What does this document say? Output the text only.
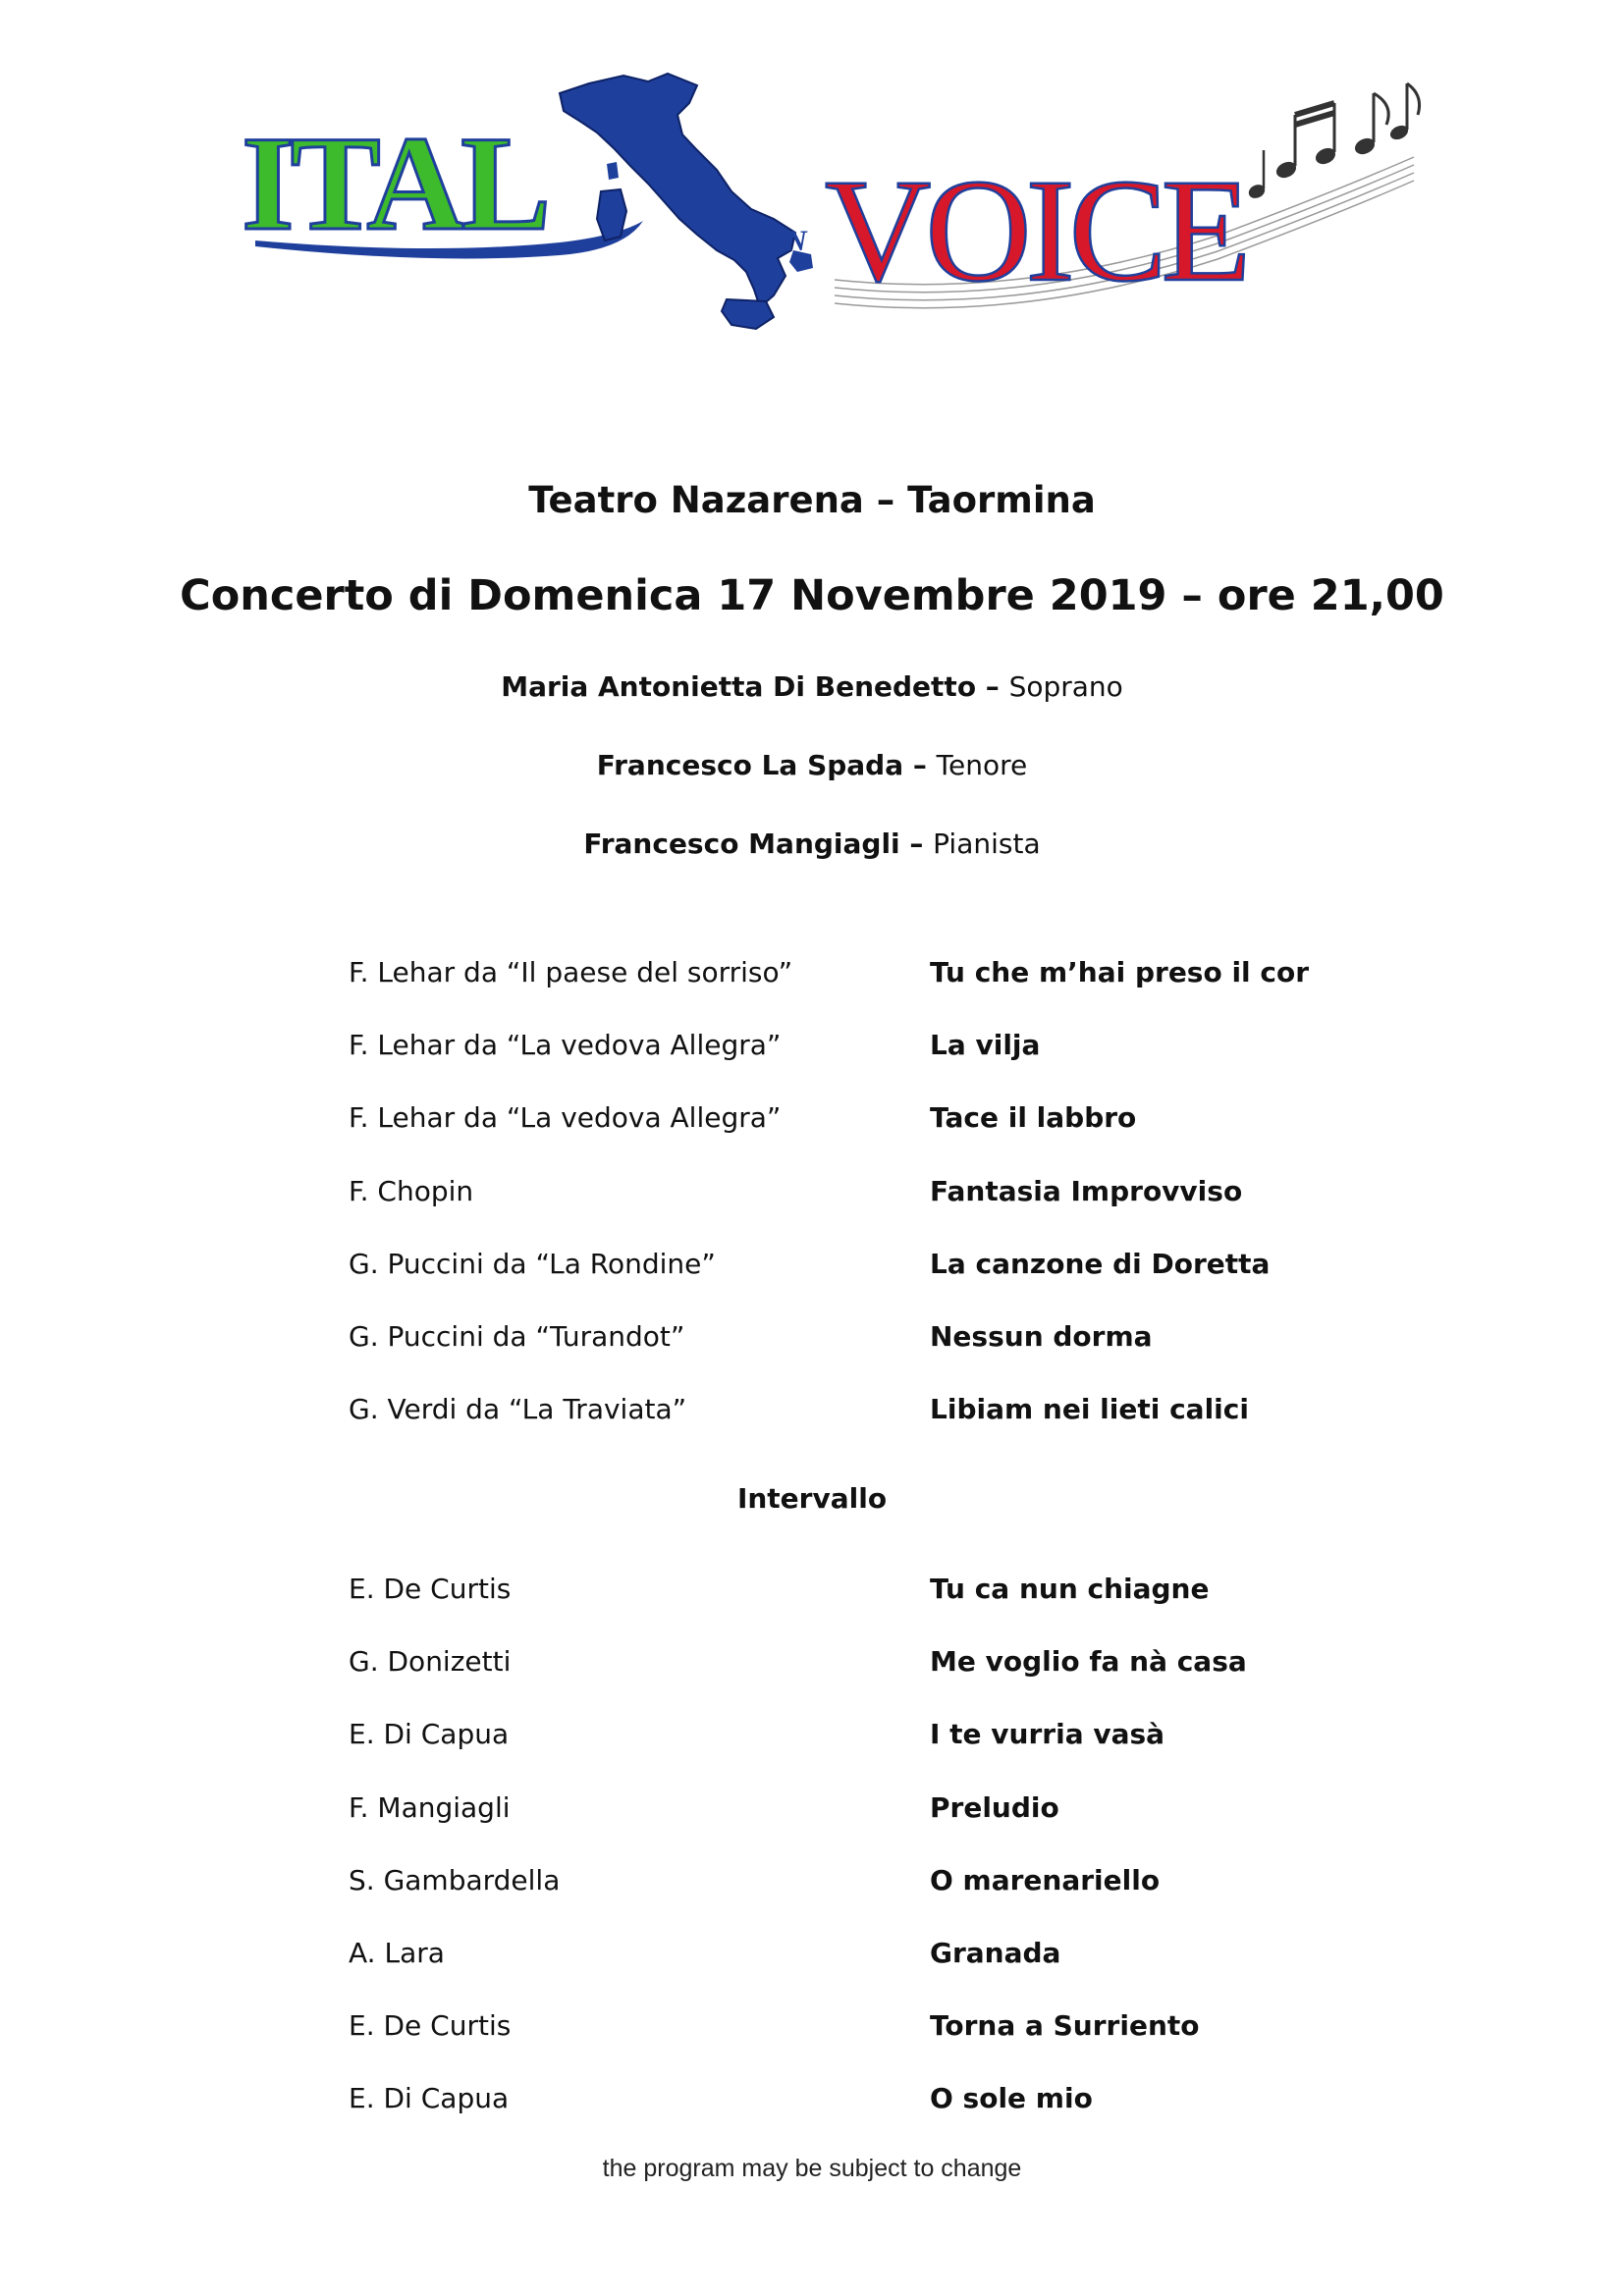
ITAL	N VOICE
Teatro Nazarena – Taormina
Concerto di Domenica 17 Novembre 2019 – ore 21,00
Maria Antonietta Di Benedetto – Soprano
Francesco La Spada – Tenore
Francesco Mangiagli – Pianista
F. Lehar da “Il paese del sorriso”	Tu che m’hai preso il cor
F. Lehar da “La vedova Allegra”	La vilja
F. Lehar da “La vedova Allegra”	Tace il labbro
F. Chopin	Fantasia Improvviso
G. Puccini da “La Rondine”	La canzone di Doretta
G. Puccini da “Turandot”	Nessun dorma
G. Verdi da “La Traviata”	Libiam nei lieti calici
Intervallo
E. De Curtis	Tu ca nun chiagne
G. Donizetti	Me voglio fa nà casa
E. Di Capua	I te vurria vasà
F. Mangiagli	Preludio
S. Gambardella	O marenariello
A. Lara	Granada
E. De Curtis	Torna a Surriento
E. Di Capua	O sole mio
the program may be subject to change
